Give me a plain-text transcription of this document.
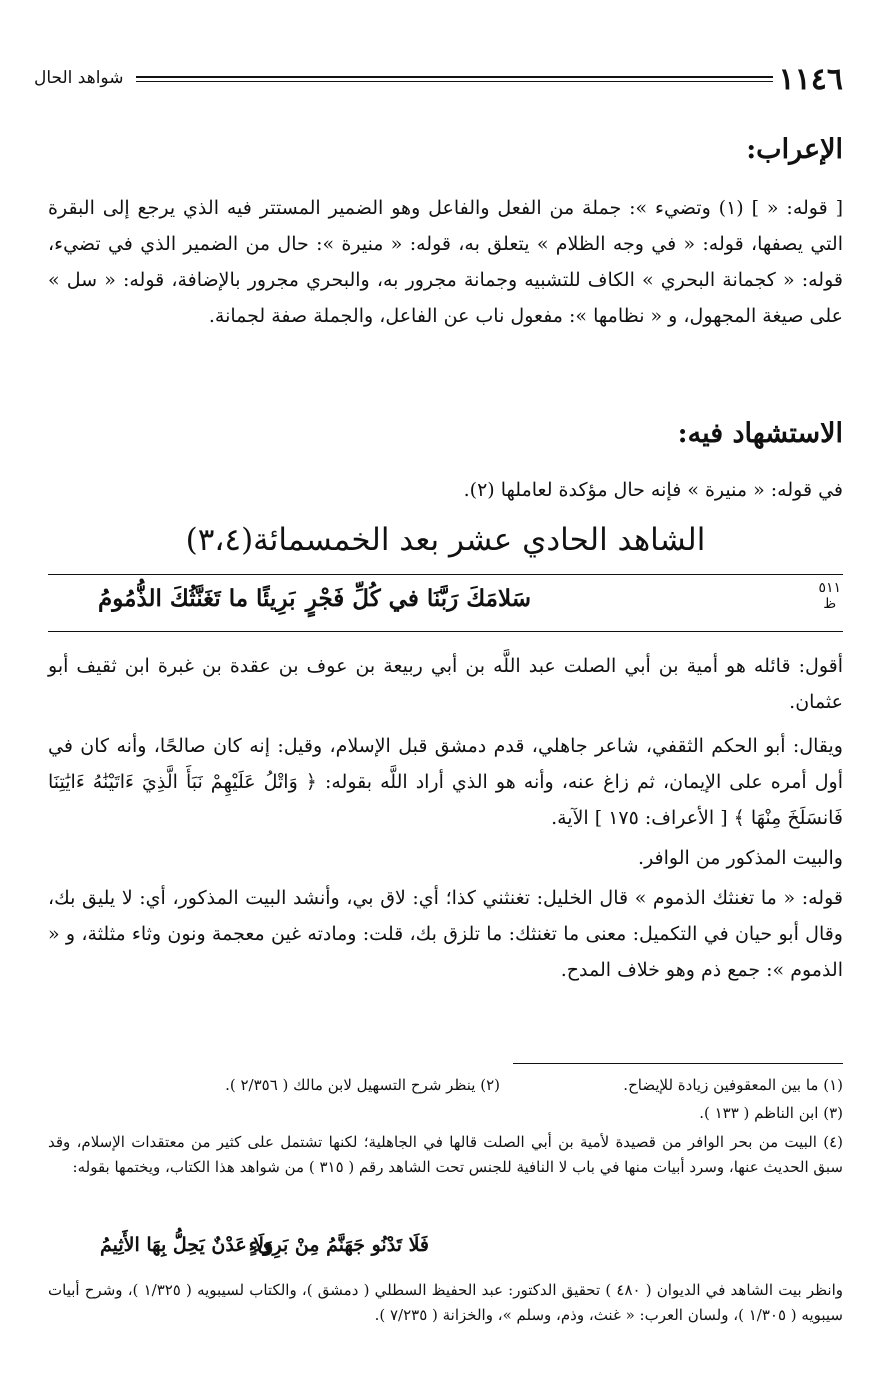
١١٤٦
شواهد الحال
الإعراب:

[ قوله: « ] (١) وتضيء »: جملة من الفعل والفاعل وهو الضمير المستتر فيه الذي يرجع إلى البقرة التي يصفها، قوله: « في وجه الظلام » يتعلق به، قوله: « منيرة »: حال من الضمير الذي في تضيء، قوله: « كجمانة البحري » الكاف للتشبيه وجمانة مجرور به، والبحري مجرور بالإضافة، قوله: « سل » على صيغة المجهول، و « نظامها »: مفعول ناب عن الفاعل، والجملة صفة لجمانة.

الاستشهاد فيه:

في قوله: « منيرة » فإنه حال مؤكدة لعاملها (٢).

الشاهد الحادي عشر بعد الخمسمائة(٣،٤)
٥١١
ظ
سَلامَكَ رَبَّنَا في كُلِّ فَجْرٍ
بَرِيئًا ما تَغَنَّثُكَ الذُّمُومُ

أقول: قائله هو أمية بن أبي الصلت عبد اللَّه بن أبي ربيعة بن عوف بن عقدة بن غبرة ابن ثقيف أبو عثمان.

ويقال: أبو الحكم الثقفي، شاعر جاهلي، قدم دمشق قبل الإسلام، وقيل: إنه كان صالحًا، وأنه كان في أول أمره على الإيمان، ثم زاغ عنه، وأنه هو الذي أراد اللَّه بقوله: ﴿ وَاتْلُ عَلَيْهِمْ نَبَأَ الَّذِيَ ءَاتَيْنَٰهُ ءَايَٰتِنَا فَانسَلَخَ مِنْهَا ﴾ [ الأعراف: ١٧٥ ] الآية.

والبيت المذكور من الوافر.

قوله: « ما تغنثك الذموم » قال الخليل: تغنثني كذا؛ أي: لاق بي، وأنشد البيت المذكور، أي: لا يليق بك، وقال أبو حيان في التكميل: معنى ما تغنثك: ما تلزق بك، قلت: ومادته غين معجمة ونون وثاء مثلثة، و « الذموم »: جمع ذم وهو خلاف المدح.

(١) ما بين المعقوفين زيادة للإيضاح.
(٢) ينظر شرح التسهيل لابن مالك ( ٢/٣٥٦ ).
(٣) ابن الناظم ( ١٣٣ ).
(٤) البيت من بحر الوافر من قصيدة لأمية بن أبي الصلت قالها في الجاهلية؛ لكنها تشتمل على كثير من معتقدات الإسلام، وقد سبق الحديث عنها، وسرد أبيات منها في باب لا النافية للجنس تحت الشاهد رقم ( ٣١٥ ) من شواهد هذا الكتاب، ويختمها بقوله:
فَلَا تَدْنُو جَهَنَّمُ مِنْ بَرِيءٍ
وَلَا عَدْنٌ يَحِلُّ بِهَا الأَثِيمُ
وانظر بيت الشاهد في الديوان ( ٤٨٠ ) تحقيق الدكتور: عبد الحفيظ السطلي ( دمشق )، والكتاب لسيبويه ( ١/٣٢٥ )، وشرح أبيات سيبويه ( ١/٣٠٥ )، ولسان العرب: « غنث، وذم، وسلم »، والخزانة ( ٧/٢٣٥ ).
